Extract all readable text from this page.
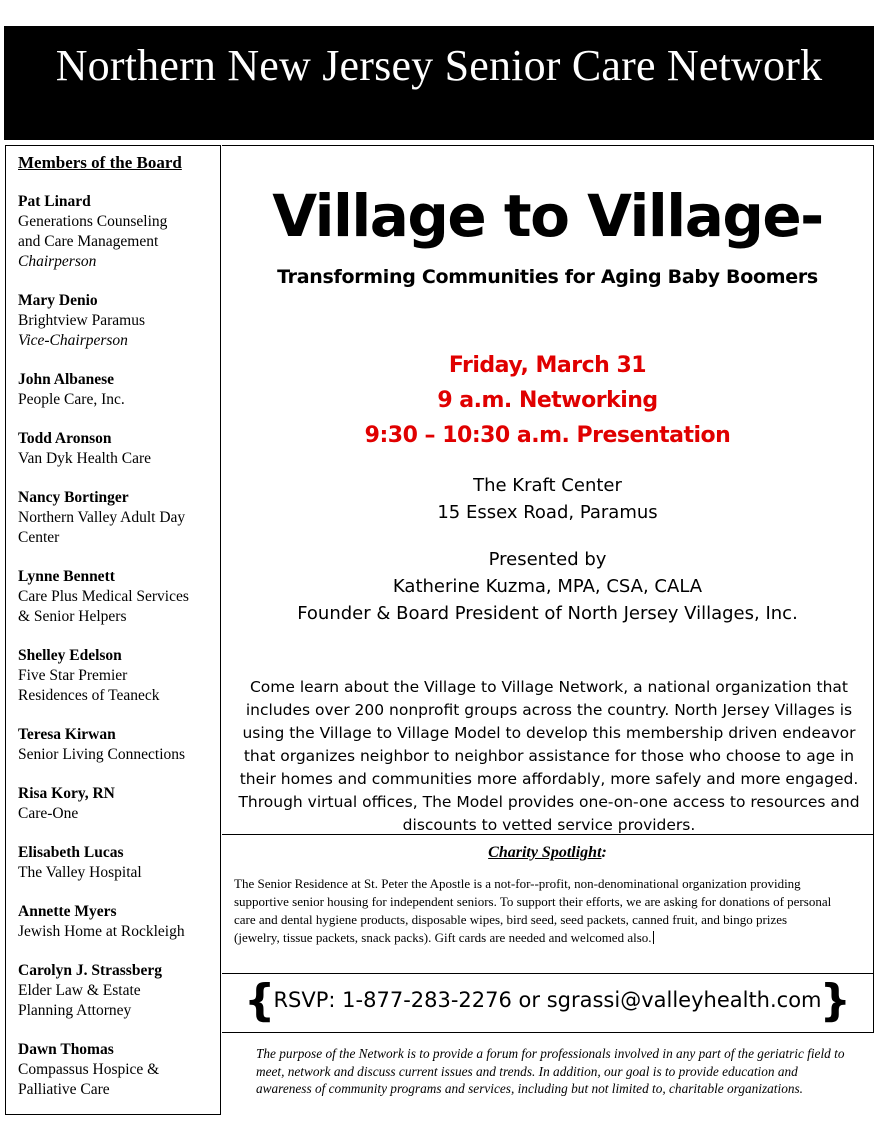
Northern New Jersey Senior Care Network
Members of the Board
Pat Linard
Generations Counseling
and Care Management
Chairperson
Mary Denio
Brightview Paramus
Vice-Chairperson
John Albanese
People Care, Inc.
Todd Aronson
Van Dyk Health Care
Nancy Bortinger
Northern Valley Adult Day
Center
Lynne Bennett
Care Plus Medical Services
& Senior Helpers
Shelley Edelson
Five Star Premier
Residences of Teaneck
Teresa Kirwan
Senior Living Connections
Risa Kory, RN
Care-One
Elisabeth Lucas
The Valley Hospital
Annette Myers
Jewish Home at Rockleigh
Carolyn J. Strassberg
Elder Law & Estate
Planning Attorney
Dawn Thomas
Compassus Hospice &
Palliative Care
Village to Village-
Transforming Communities for Aging Baby Boomers
Friday, March 31
9 a.m. Networking
9:30 – 10:30 a.m. Presentation
The Kraft Center
15 Essex Road, Paramus
Presented by
Katherine Kuzma, MPA, CSA, CALA
Founder & Board President of North Jersey Villages, Inc.
Come learn about the Village to Village Network, a national organization that includes over 200 nonprofit groups across the country. North Jersey Villages is using the Village to Village Model to develop this membership driven endeavor that organizes neighbor to neighbor assistance for those who choose to age in their homes and communities more affordably, more safely and more engaged. Through virtual offices, The Model provides one-on-one access to resources and discounts to vetted service providers.
Charity Spotlight:
The Senior Residence at St. Peter the Apostle is a not-for--profit, non-denominational organization providing supportive senior housing for independent seniors. To support their efforts, we are asking for donations of personal care and dental hygiene products, disposable wipes, bird seed, seed packets, canned fruit, and bingo prizes (jewelry, tissue packets, snack packs). Gift cards are needed and welcomed also.
{
RSVP: 1-877-283-2276 or sgrassi@valleyhealth.com
}
The purpose of the Network is to provide a forum for professionals involved in any part of the geriatric field to meet, network and discuss current issues and trends. In addition, our goal is to provide education and awareness of community programs and services, including but not limited to, charitable organizations.
